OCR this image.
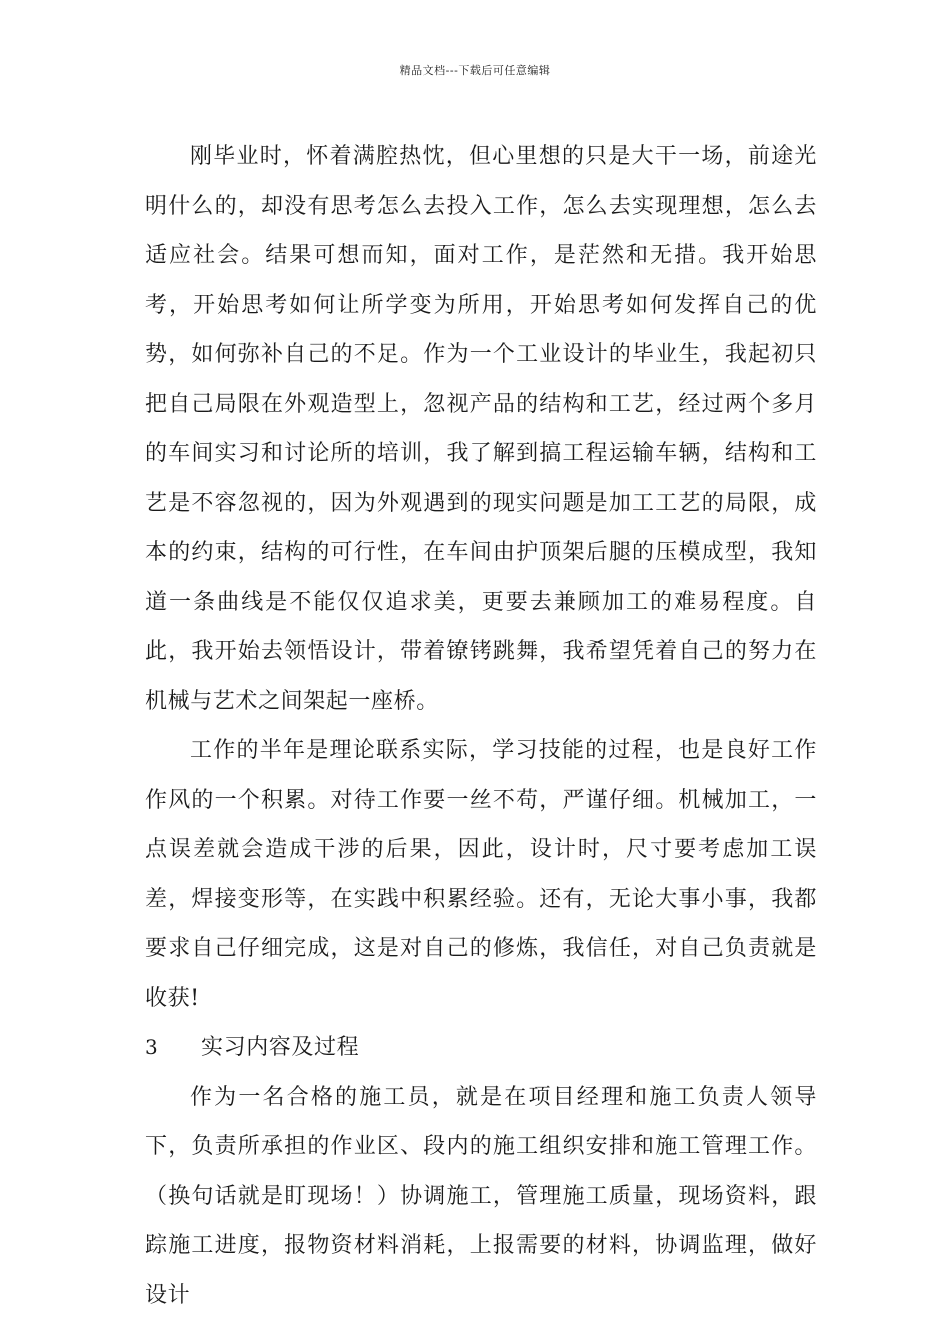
精品文档---下载后可任意编辑

刚毕业时，怀着满腔热忱，但心里想的只是大干一场，前途光明什么的，却没有思考怎么去投入工作，怎么去实现理想，怎么去适应社会。结果可想而知，面对工作，是茫然和无措。我开始思考，开始思考如何让所学变为所用，开始思考如何发挥自己的优势，如何弥补自己的不足。作为一个工业设计的毕业生，我起初只把自己局限在外观造型上，忽视产品的结构和工艺，经过两个多月的车间实习和讨论所的培训，我了解到搞工程运输车辆，结构和工艺是不容忽视的，因为外观遇到的现实问题是加工工艺的局限，成本的约束，结构的可行性，在车间由护顶架后腿的压模成型，我知道一条曲线是不能仅仅追求美，更要去兼顾加工的难易程度。自此，我开始去领悟设计，带着镣铐跳舞，我希望凭着自己的努力在机械与艺术之间架起一座桥。

工作的半年是理论联系实际，学习技能的过程，也是良好工作作风的一个积累。对待工作要一丝不苟，严谨仔细。机械加工，一点误差就会造成干涉的后果，因此，设计时，尺寸要考虑加工误差，焊接变形等，在实践中积累经验。还有，无论大事小事，我都要求自己仔细完成，这是对自己的修炼，我信任，对自己负责就是收获!

3	实习内容及过程

作为一名合格的施工员，就是在项目经理和施工负责人领导下，负责所承担的作业区、段内的施工组织安排和施工管理工作。（换句话就是盯现场！）协调施工，管理施工质量，现场资料，跟踪施工进度，报物资材料消耗，上报需要的材料，协调监理，做好设计
